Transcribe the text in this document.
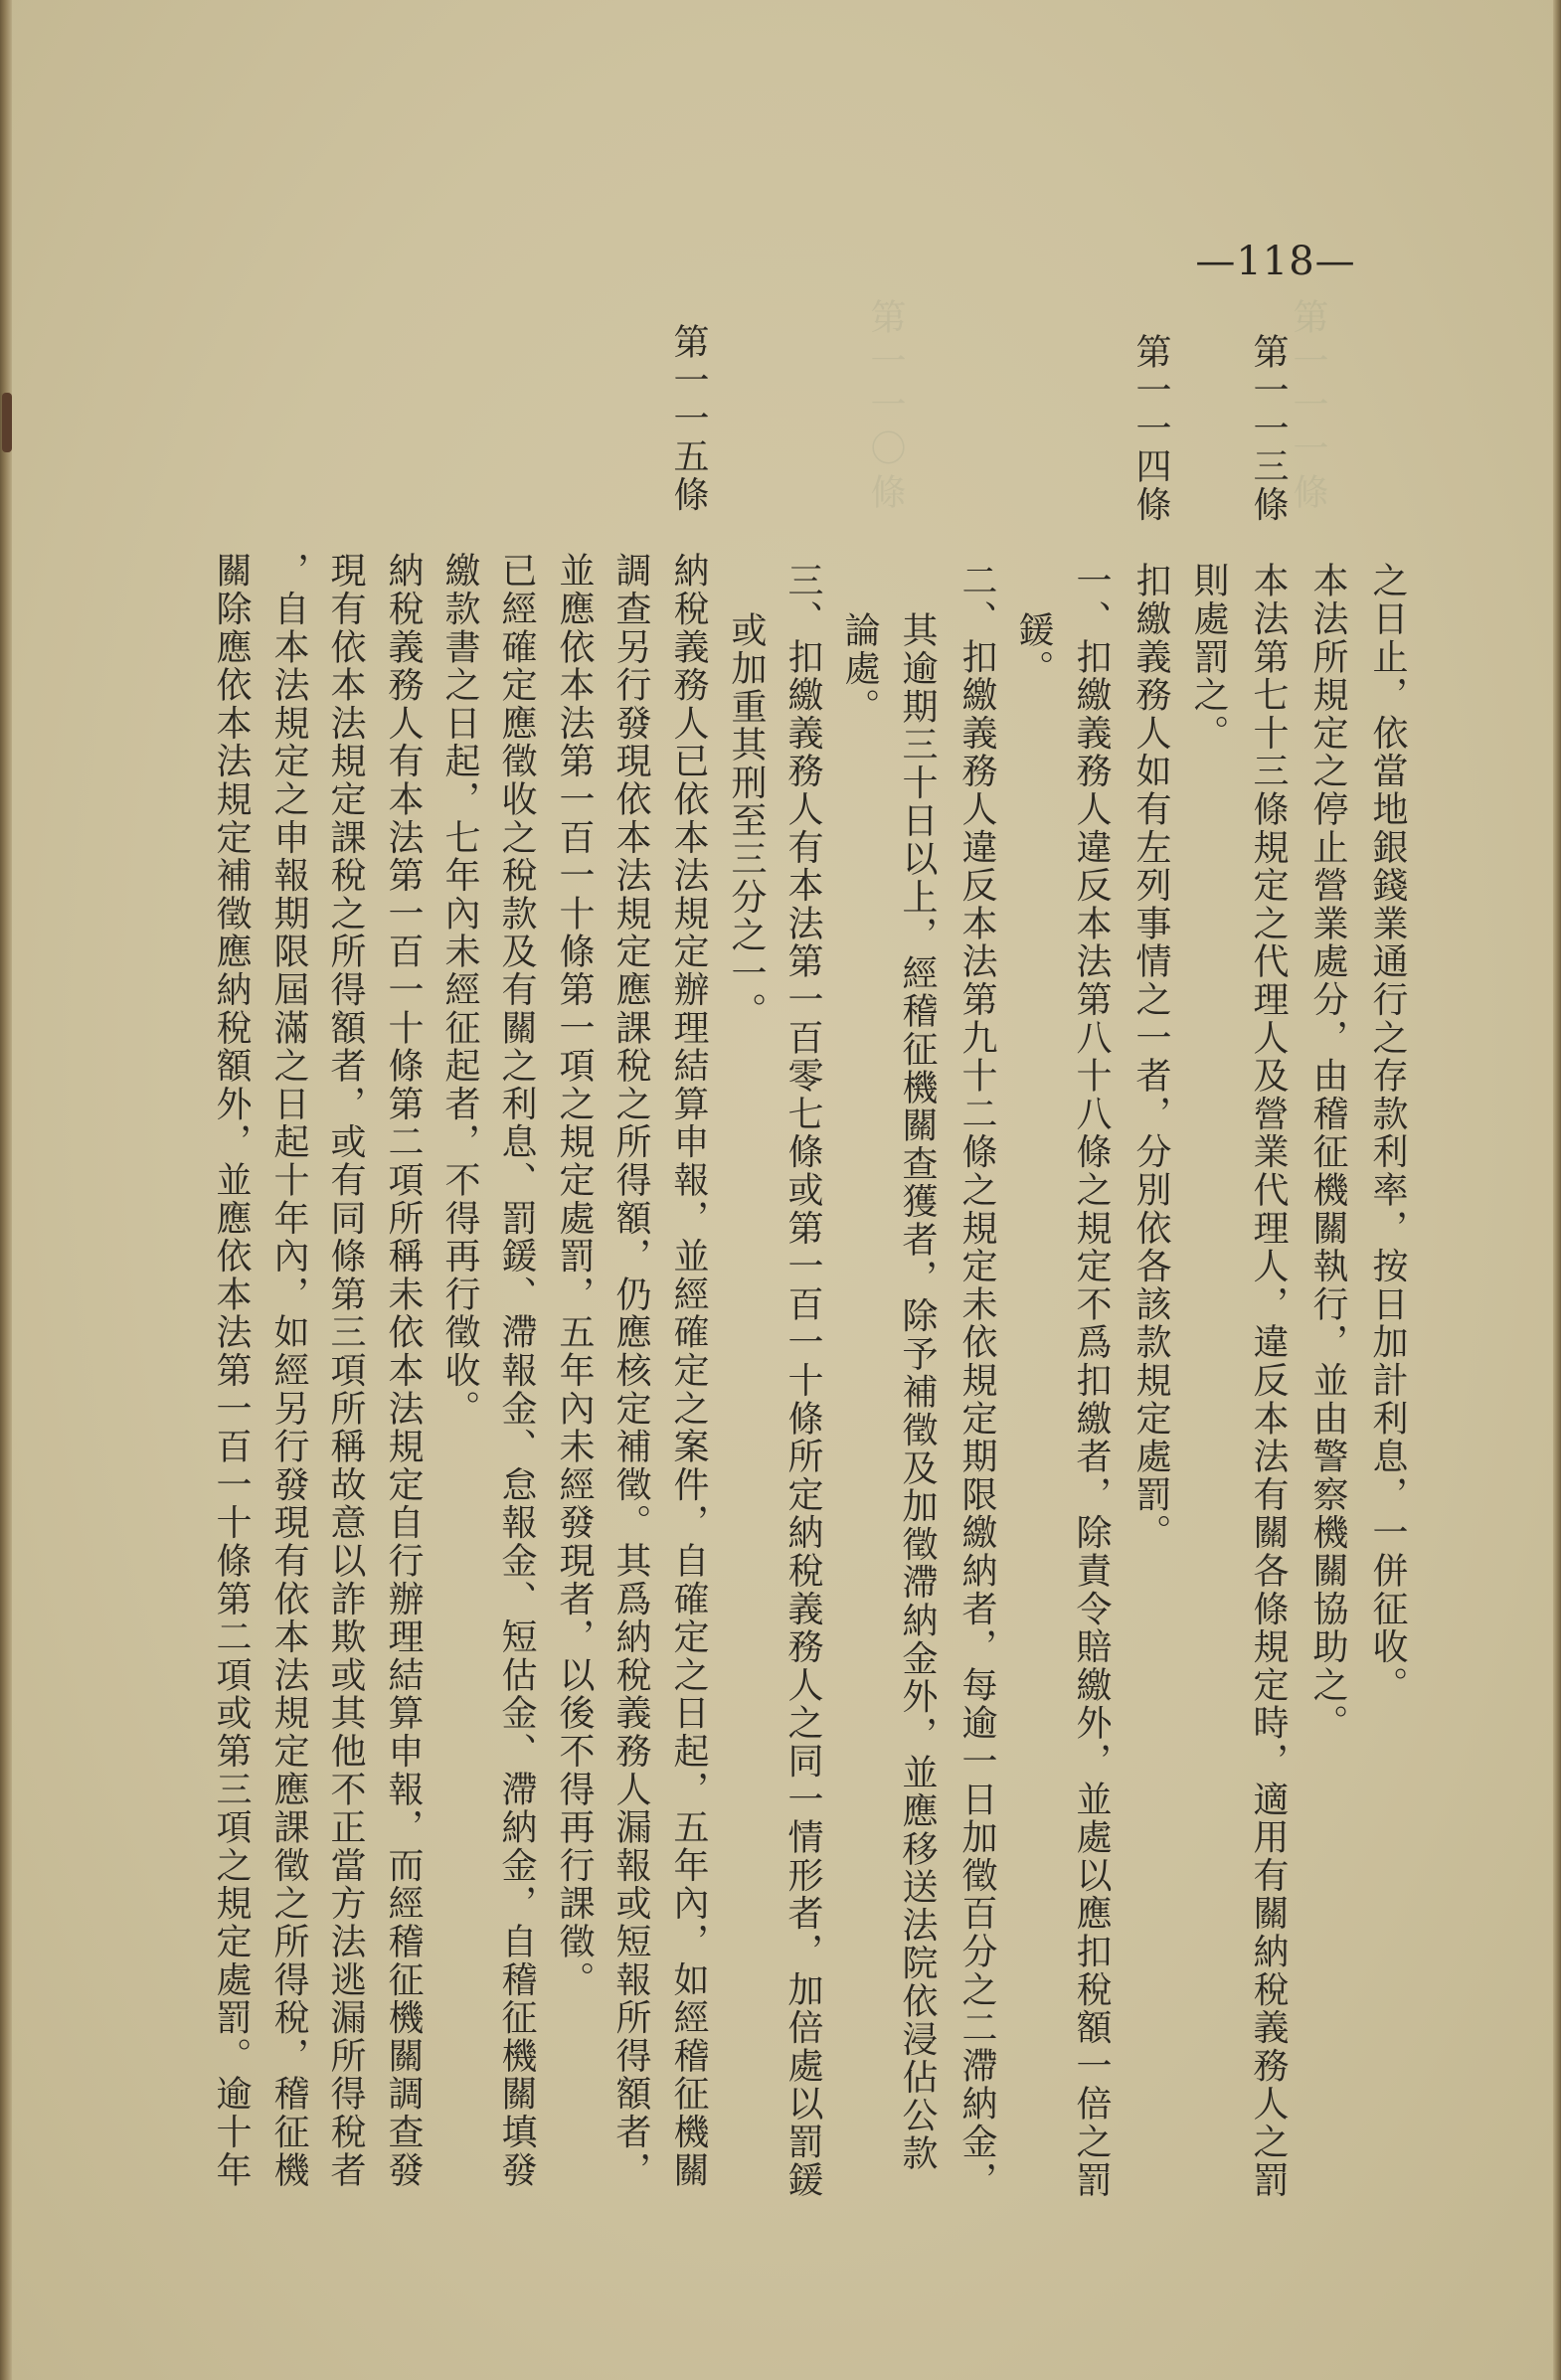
第一一一條　　　　
第一一〇條

—118—
之日止，依當地銀錢業通行之存款利率，按日加計利息，一併征收。
本法所規定之停止營業處分，由稽征機關執行，並由警察機關協助之。
第一一三條
本法第七十三條規定之代理人及營業代理人，違反本法有關各條規定時，適用有關納稅義務人之罰
則處罰之。
第一一四條
扣繳義務人如有左列事情之一者，分別依各該款規定處罰。
一、扣繳義務人違反本法第八十八條之規定不爲扣繳者，除責令賠繳外，並處以應扣稅額一倍之罰
鍰。
二、扣繳義務人違反本法第九十二條之規定未依規定期限繳納者，每逾一日加徵百分之二滯納金，
其逾期三十日以上，經稽征機關查獲者，除予補徵及加徵滯納金外，並應移送法院依浸佔公款
論處。
三、扣繳義務人有本法第一百零七條或第一百一十條所定納稅義務人之同一情形者，加倍處以罰鍰
或加重其刑至三分之一。
第一一五條
納稅義務人已依本法規定辦理結算申報，並經確定之案件，自確定之日起，五年內，如經稽征機關
調查另行發現依本法規定應課稅之所得額，仍應核定補徵。其爲納稅義務人漏報或短報所得額者，
並應依本法第一百一十條第一項之規定處罰，五年內未經發現者，以後不得再行課徵。
已經確定應徵收之稅款及有關之利息、罰鍰、滯報金、怠報金、短估金、滯納金，自稽征機關填發
繳款書之日起，七年內未經征起者，不得再行徵收。
納稅義務人有本法第一百一十條第二項所稱未依本法規定自行辦理結算申報，而經稽征機關調查發
現有依本法規定課稅之所得額者，或有同條第三項所稱故意以詐欺或其他不正當方法逃漏所得稅者
，自本法規定之申報期限屆滿之日起十年內，如經另行發現有依本法規定應課徵之所得稅，稽征機
關除應依本法規定補徵應納稅額外，並應依本法第一百一十條第二項或第三項之規定處罰。逾十年
